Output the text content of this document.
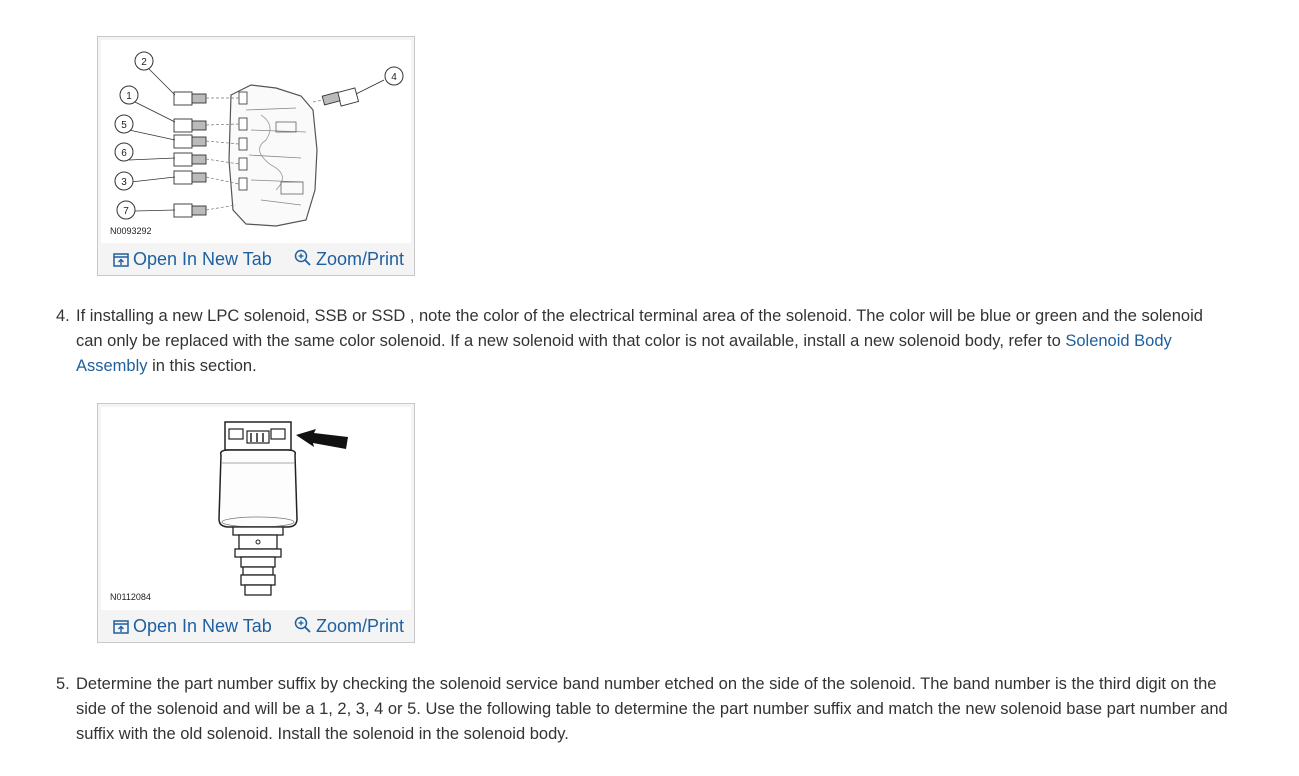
2
1
5
6
3
7
4
N0093292
Open In New Tab	Zoom/Print
4. If installing a new LPC solenoid, SSB or SSD , note the color of the electrical terminal area of the solenoid. The color will be blue or green and the solenoid can only be replaced with the same color solenoid. If a new solenoid with that color is not available, install a new solenoid body, refer to Solenoid Body Assembly in this section.
N0112084
Open In New Tab	Zoom/Print
5. Determine the part number suffix by checking the solenoid service band number etched on the side of the solenoid. The band number is the third digit on the side of the solenoid and will be a 1, 2, 3, 4 or 5. Use the following table to determine the part number suffix and match the new solenoid base part number and suffix with the old solenoid. Install the solenoid in the solenoid body.
